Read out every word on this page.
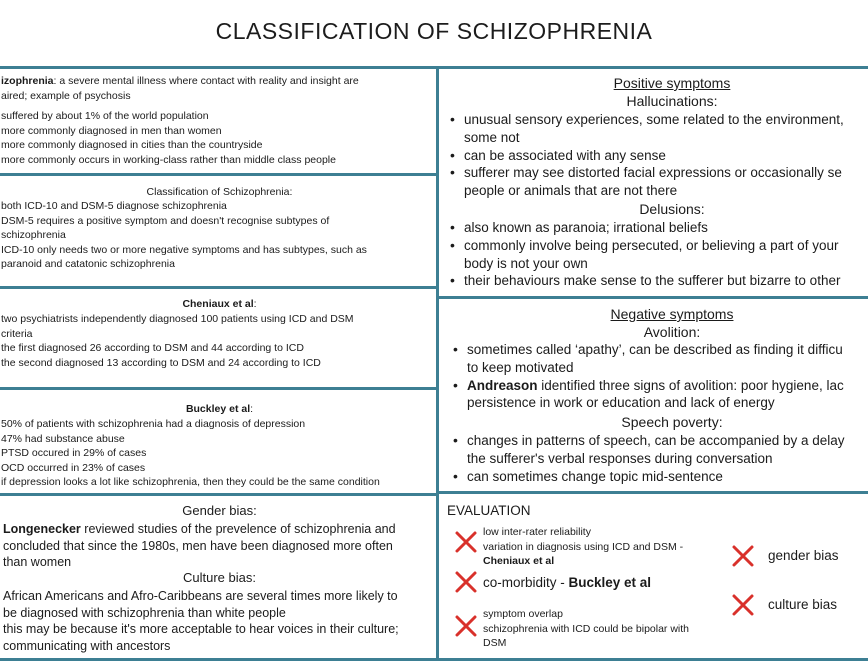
CLASSIFICATION OF SCHIZOPHRENIA
izophrenia: a severe mental illness where contact with reality and insight are
aired; example of psychosis
suffered by about 1% of the world population
more commonly diagnosed in men than women
more commonly diagnosed in cities than the countryside
more commonly occurs in working-class rather than middle class people
Classification of Schizophrenia:
both ICD-10 and DSM-5 diagnose schizophrenia
DSM-5 requires a positive symptom and doesn't recognise subtypes of
schizophrenia
ICD-10 only needs two or more negative symptoms and has subtypes, such as
paranoid and catatonic schizophrenia
Cheniaux et al:
two psychiatrists independently diagnosed 100 patients using ICD and DSM
criteria
the first diagnosed 26 according to DSM and 44 according to ICD
the second diagnosed 13 according to DSM and 24 according to ICD
Buckley et al:
50% of patients with schizophrenia had a diagnosis of depression
47% had substance abuse
PTSD occured in 29% of cases
OCD occurred in 23% of cases
if depression looks a lot like schizophrenia, then they could be the same condition
Gender bias:
Longenecker reviewed studies of the prevelence of schizophrenia and
concluded that since the 1980s, men have been diagnosed more often
than women
Culture bias:
African Americans and Afro-Caribbeans are several times more likely to
be diagnosed with schizophrenia than white people
this may be because it's more acceptable to hear voices in their culture;
communicating with ancestors
Positive symptoms
Hallucinations:
• unusual sensory experiences, some related to the environment,
some not
• can be associated with any sense
• sufferer may see distorted facial expressions or occasionally se
people or animals that are not there
Delusions:
• also known as paranoia; irrational beliefs
• commonly involve being persecuted, or believing a part of your
body is not your own
• their behaviours make sense to the sufferer but bizarre to other
Negative symptoms
Avolition:
• sometimes called ‘apathy’, can be described as finding it difficu
to keep motivated
• Andreason identified three signs of avolition: poor hygiene, lac
persistence in work or education and lack of energy
Speech poverty:
• changes in patterns of speech, can be accompanied by a delay
the sufferer's verbal responses during conversation
• can sometimes change topic mid-sentence
EVALUATION
low inter-rater reliability
variation in diagnosis using ICD and DSM -
Cheniaux et al
co-morbidity - Buckley et al
symptom overlap
schizophrenia with ICD could be bipolar with
DSM
gender bias
culture bias
